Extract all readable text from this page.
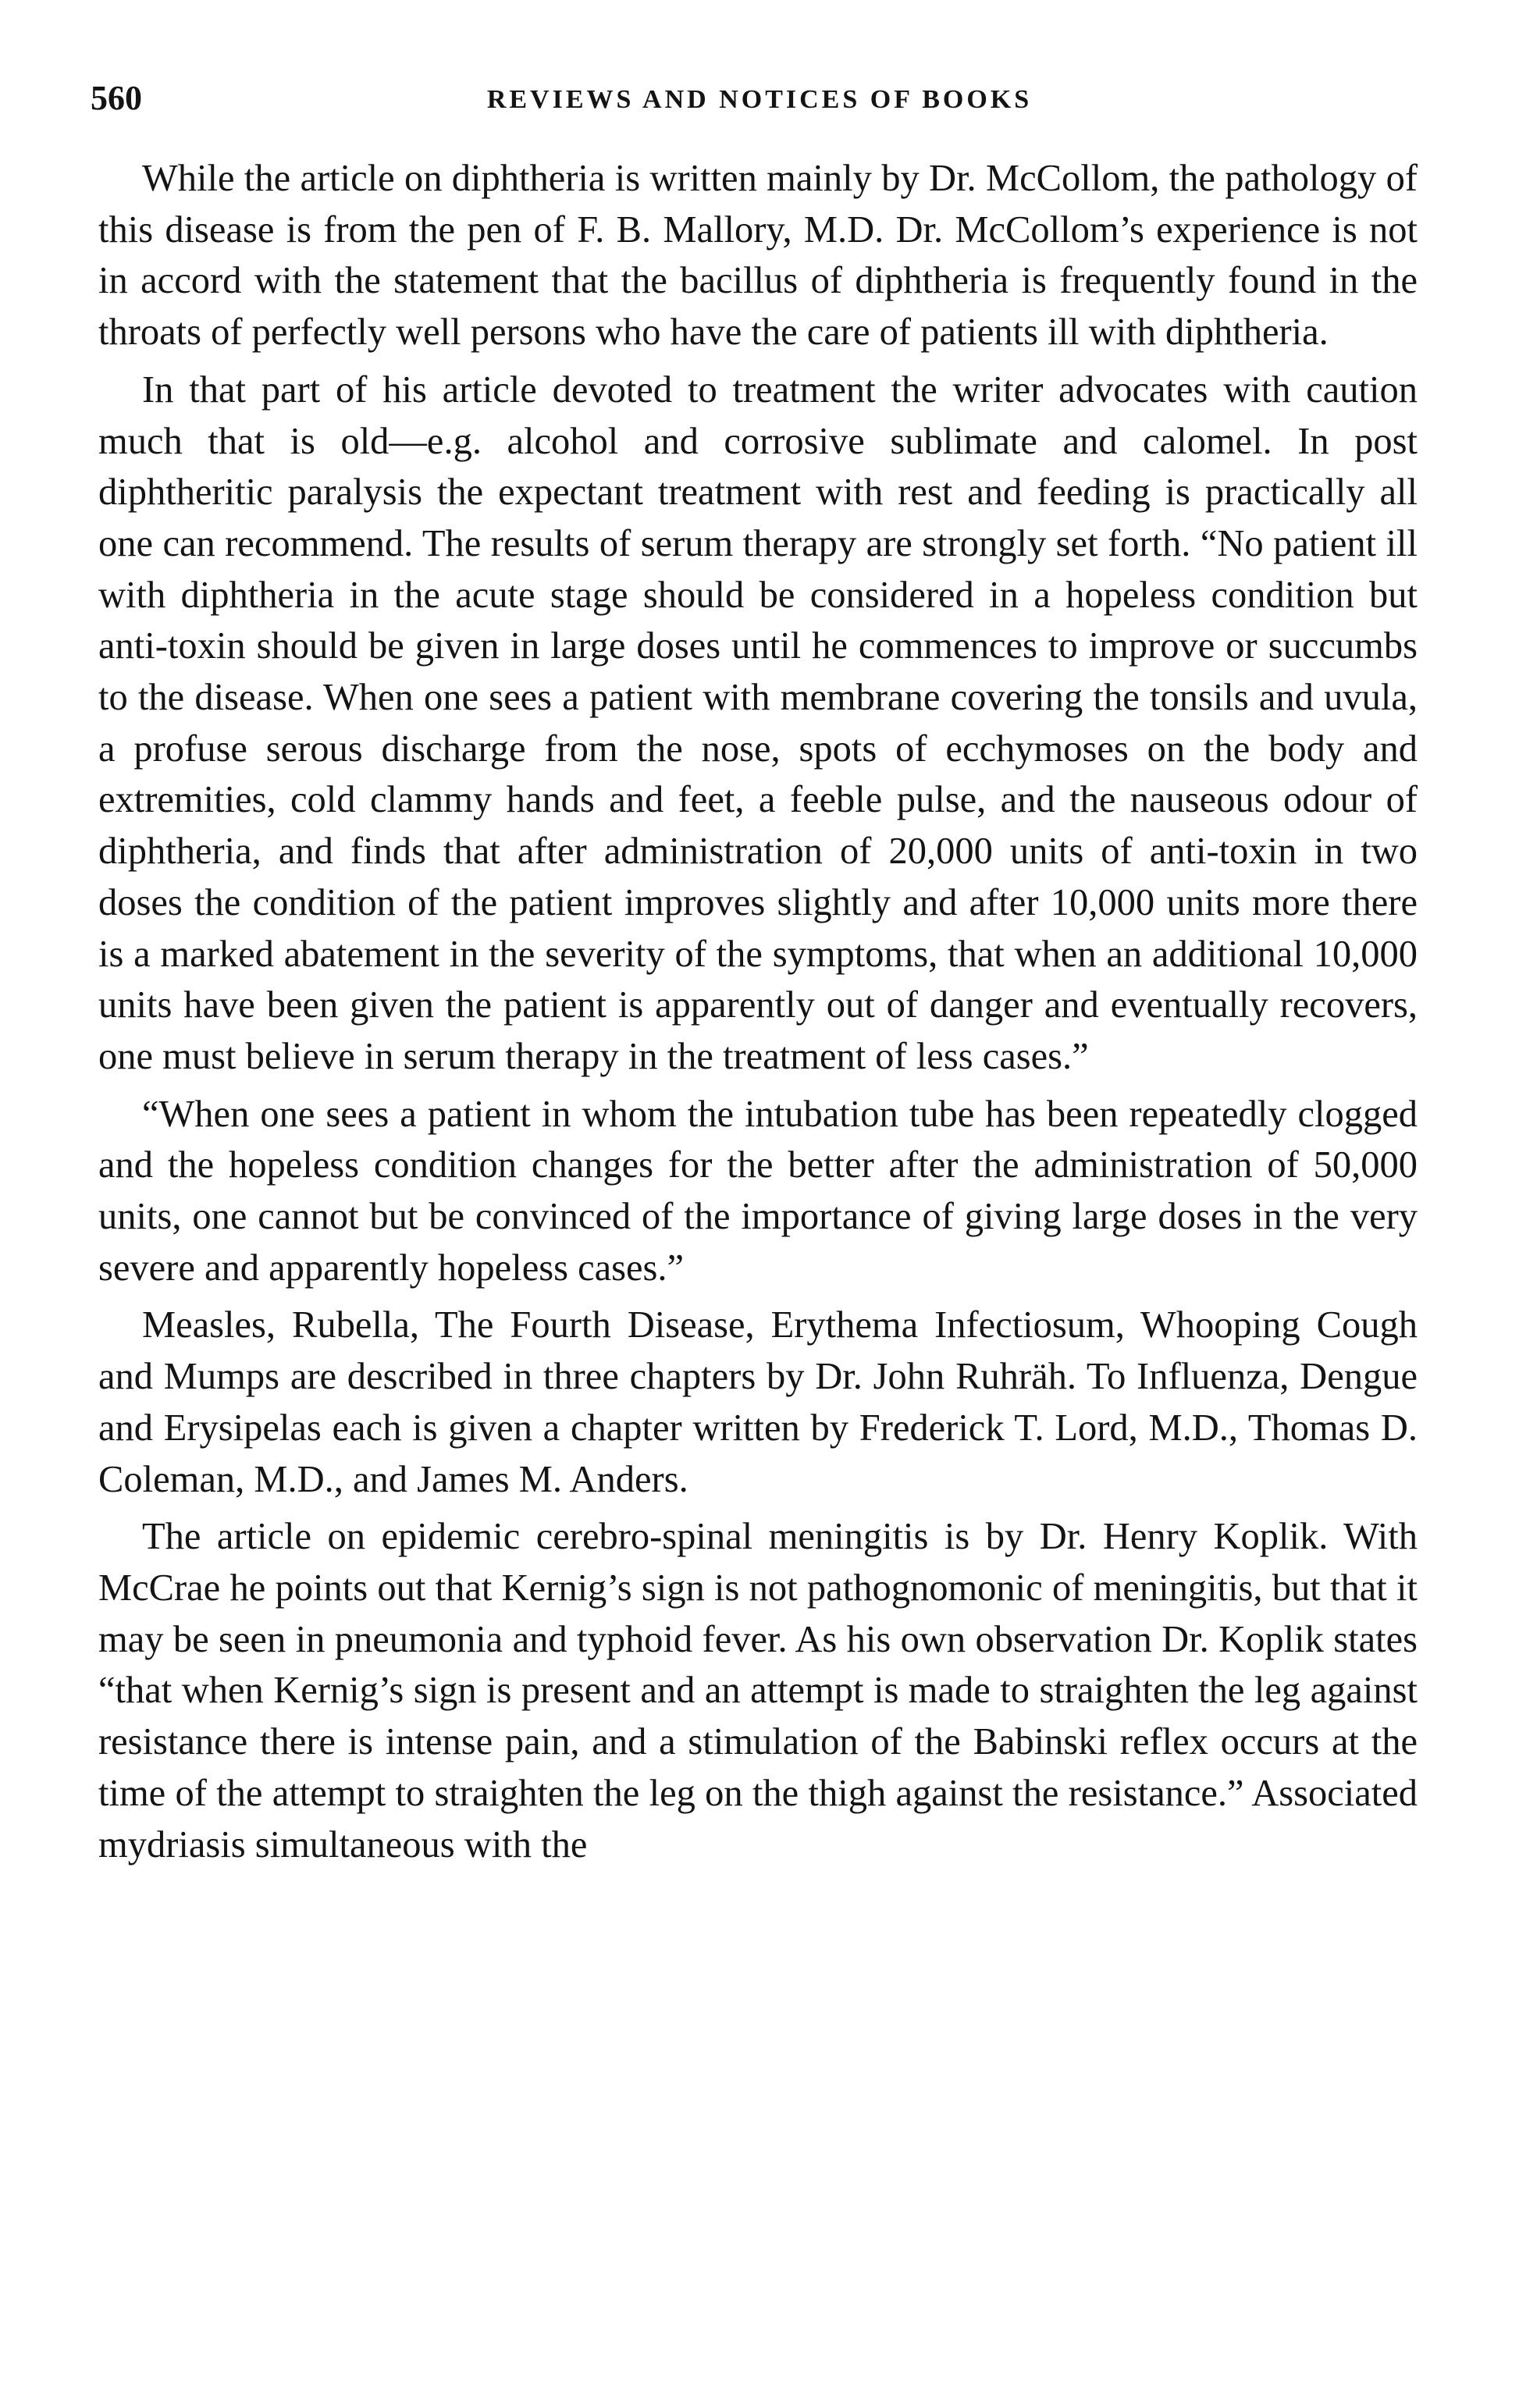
560	REVIEWS AND NOTICES OF BOOKS

While the article on diphtheria is written mainly by Dr. McCollom, the pathology of this disease is from the pen of F. B. Mallory, M.D. Dr. McCollom’s experience is not in accord with the statement that the bacillus of diphtheria is frequently found in the throats of perfectly well persons who have the care of patients ill with diphtheria.

In that part of his article devoted to treatment the writer advocates with caution much that is old—e.g. alcohol and corrosive sublimate and calomel. In post diphtheritic paralysis the expectant treatment with rest and feeding is practically all one can recommend. The results of serum therapy are strongly set forth. “No patient ill with diphtheria in the acute stage should be considered in a hopeless condition but anti-toxin should be given in large doses until he commences to improve or succumbs to the disease. When one sees a patient with membrane covering the tonsils and uvula, a profuse serous discharge from the nose, spots of ecchymoses on the body and extremities, cold clammy hands and feet, a feeble pulse, and the nauseous odour of diphtheria, and finds that after administration of 20,000 units of anti-toxin in two doses the condition of the patient improves slightly and after 10,000 units more there is a marked abatement in the severity of the symptoms, that when an additional 10,000 units have been given the patient is apparently out of danger and eventually recovers, one must believe in serum therapy in the treatment of less cases.”

“When one sees a patient in whom the intubation tube has been repeatedly clogged and the hopeless condition changes for the better after the administration of 50,000 units, one cannot but be convinced of the importance of giving large doses in the very severe and apparently hopeless cases.”

Measles, Rubella, The Fourth Disease, Erythema Infectiosum, Whooping Cough and Mumps are described in three chapters by Dr. John Ruhräh. To Influenza, Dengue and Erysipelas each is given a chapter written by Frederick T. Lord, M.D., Thomas D. Coleman, M.D., and James M. Anders.

The article on epidemic cerebro-spinal meningitis is by Dr. Henry Koplik. With McCrae he points out that Kernig’s sign is not pathognomonic of meningitis, but that it may be seen in pneumonia and typhoid fever. As his own observation Dr. Koplik states “that when Kernig’s sign is present and an attempt is made to straighten the leg against resistance there is intense pain, and a stimulation of the Babinski reflex occurs at the time of the attempt to straighten the leg on the thigh against the resistance.” Associated mydriasis simultaneous with the
